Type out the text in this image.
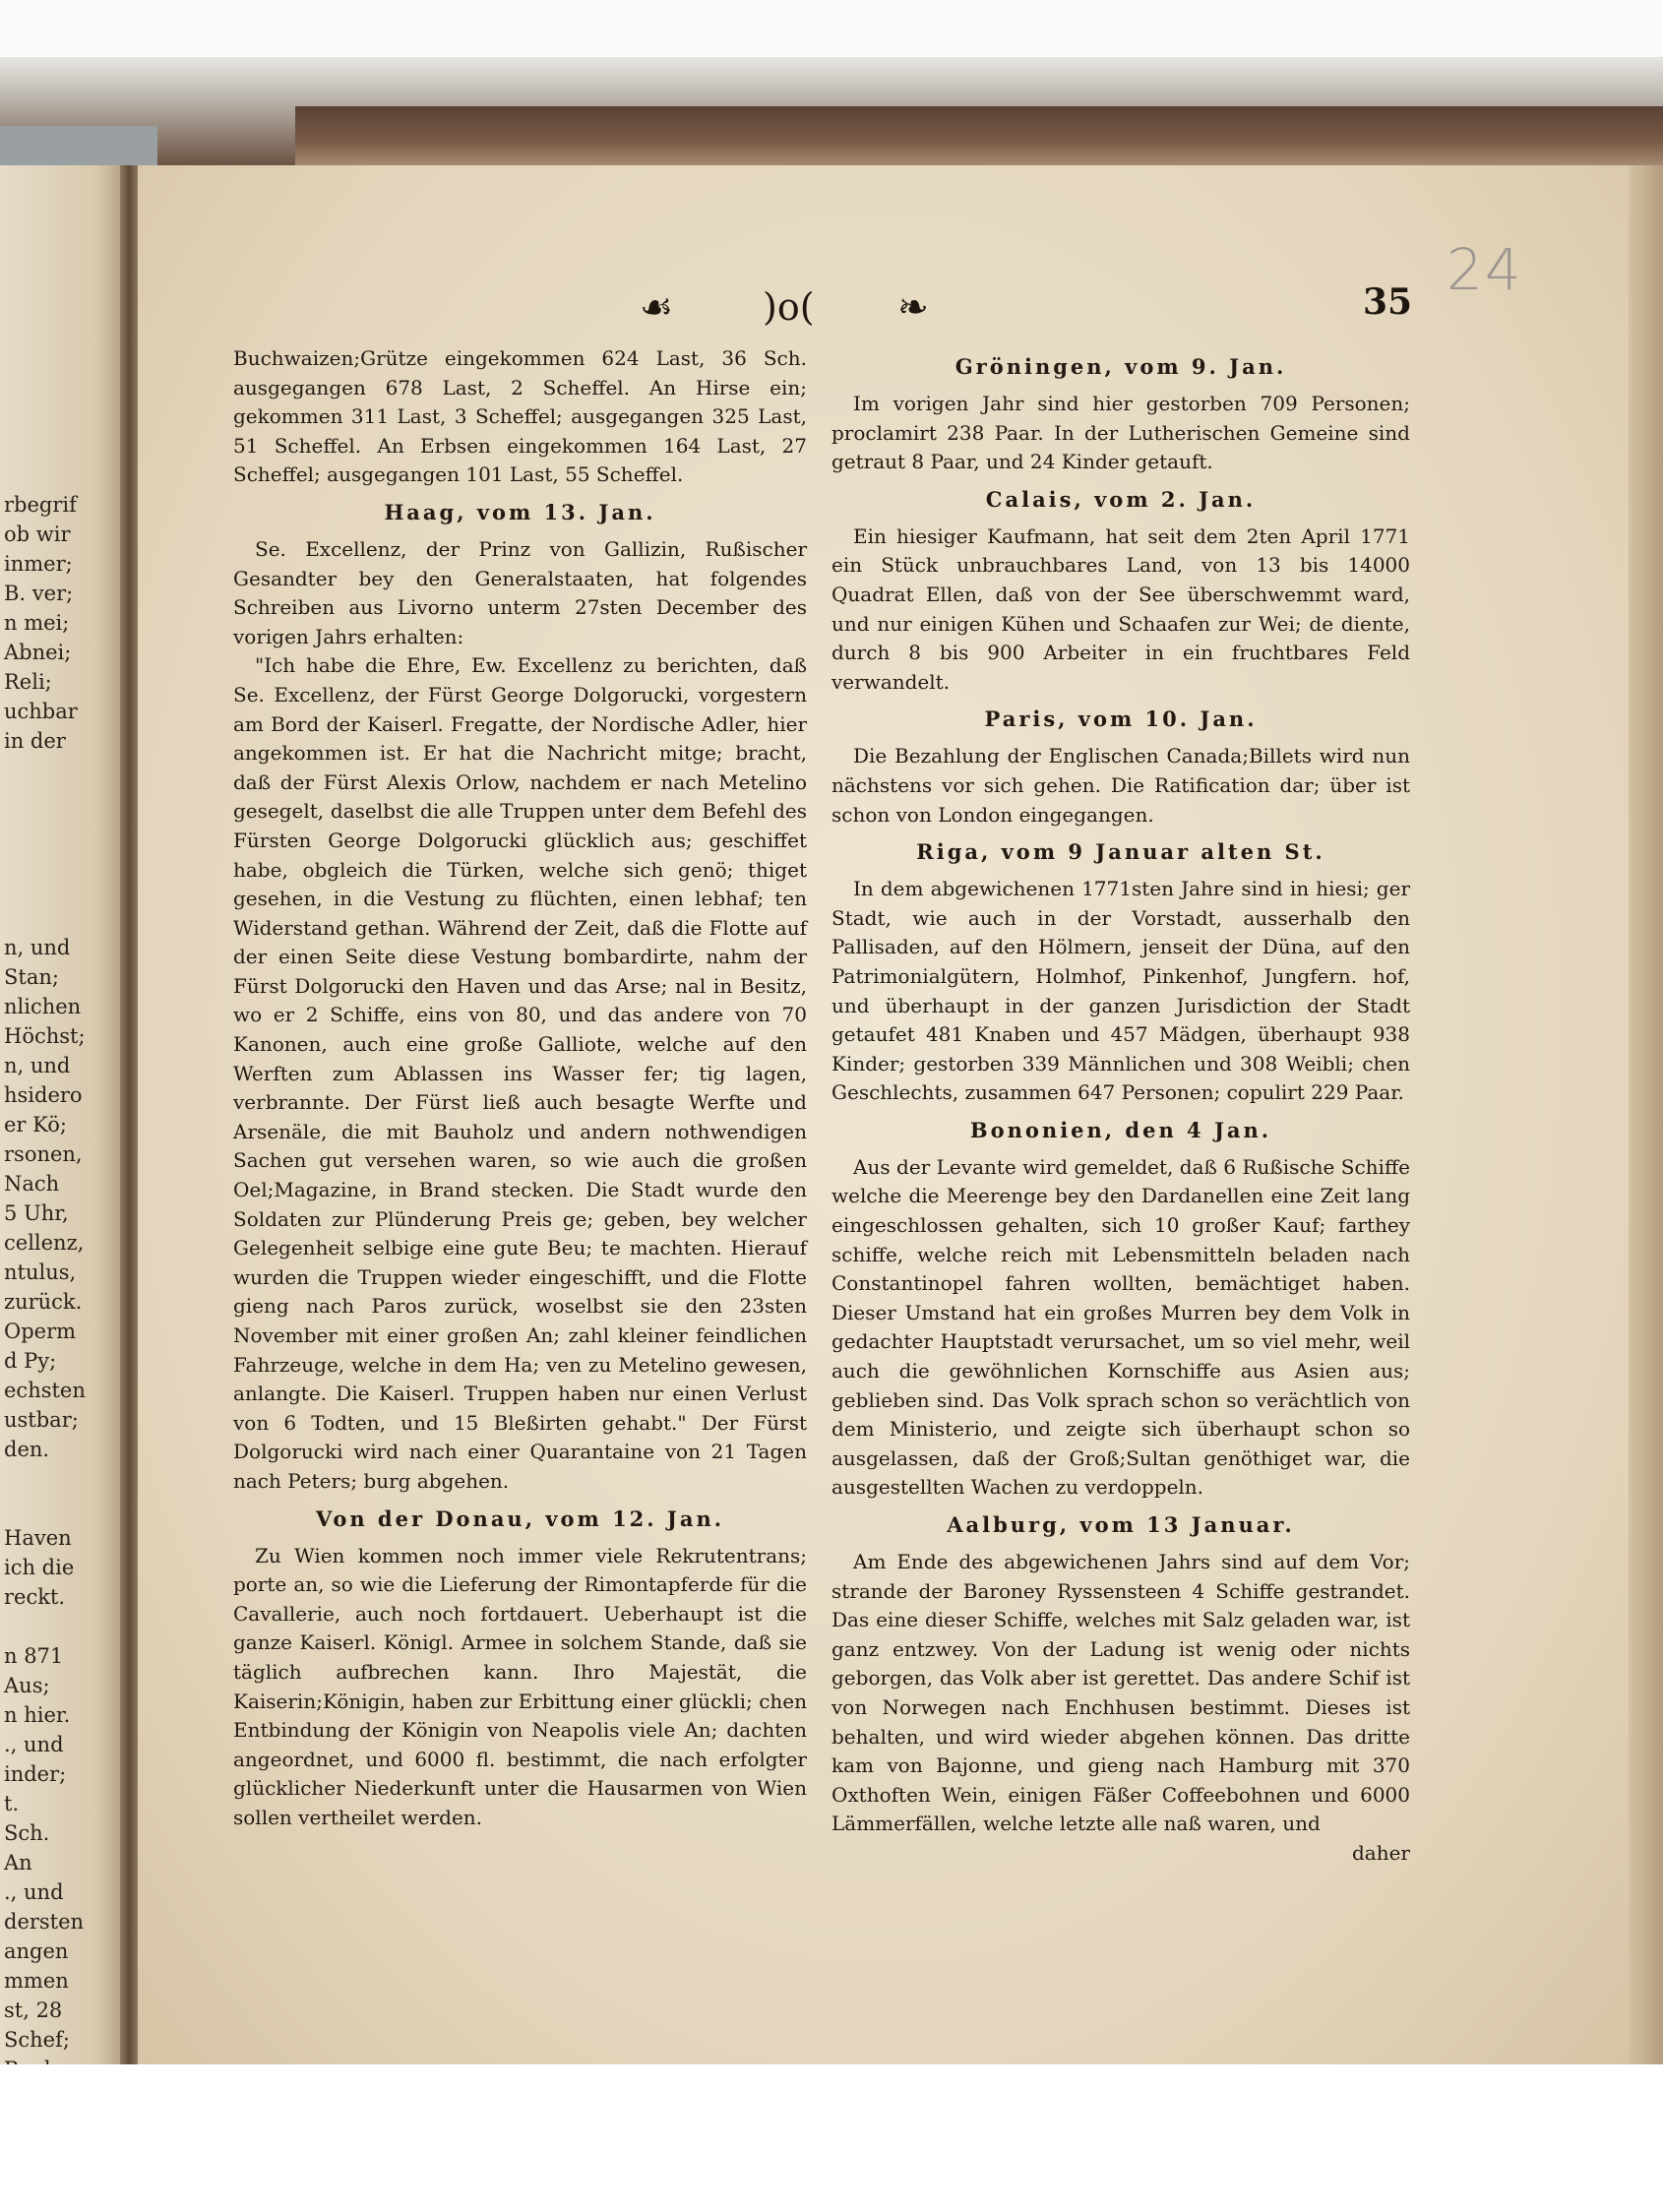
rbegrif
ob wir
inmer;
B. ver;
n mei;
Abnei;
Reli;
uchbar
in der
n, und
Stan;
nlichen
Höchst;
n, und
hsidero
er Kö;
rsonen,
Nach
5 Uhr,
cellenz,
ntulus,
zurück.
Operm
d Py;
echsten
ustbar;
den.
Haven
ich die
reckt.
n 871
Aus;
n hier.
., und
inder;
t.
Sch.
An
., und
dersten
angen
mmen
st, 28
Schef;
24
☙ )o( ❧	35

Buchwaizen;Grütze eingekommen 624 Last, 36 Sch. ausgegangen 678 Last, 2 Scheffel. An Hirse ein; gekommen 311 Last, 3 Scheffel; ausgegangen 325 Last, 51 Scheffel. An Erbsen eingekommen 164 Last, 27 Scheffel; ausgegangen 101 Last, 55 Scheffel.

Haag, vom 13. Jan.

Se. Excellenz, der Prinz von Gallizin, Rußischer Gesandter bey den Generalstaaten, hat folgendes Schreiben aus Livorno unterm 27sten December des vorigen Jahrs erhalten:

"Ich habe die Ehre, Ew. Excellenz zu berichten, daß Se. Excellenz, der Fürst George Dolgorucki, vorgestern am Bord der Kaiserl. Fregatte, der Nordische Adler, hier angekommen ist. Er hat die Nachricht mitge; bracht, daß der Fürst Alexis Orlow, nachdem er nach Metelino gesegelt, daselbst die alle Truppen unter dem Befehl des Fürsten George Dolgorucki glücklich aus; geschiffet habe, obgleich die Türken, welche sich genö; thiget gesehen, in die Vestung zu flüchten, einen lebhaf; ten Widerstand gethan. Während der Zeit, daß die Flotte auf der einen Seite diese Vestung bombardirte, nahm der Fürst Dolgorucki den Haven und das Arse; nal in Besitz, wo er 2 Schiffe, eins von 80, und das andere von 70 Kanonen, auch eine große Galliote, welche auf den Werften zum Ablassen ins Wasser fer; tig lagen, verbrannte. Der Fürst ließ auch besagte Werfte und Arsenäle, die mit Bauholz und andern nothwendigen Sachen gut versehen waren, so wie auch die großen Oel;Magazine, in Brand stecken. Die Stadt wurde den Soldaten zur Plünderung Preis ge; geben, bey welcher Gelegenheit selbige eine gute Beu; te machten. Hierauf wurden die Truppen wieder eingeschifft, und die Flotte gieng nach Paros zurück, woselbst sie den 23sten November mit einer großen An; zahl kleiner feindlichen Fahrzeuge, welche in dem Ha; ven zu Metelino gewesen, anlangte. Die Kaiserl. Truppen haben nur einen Verlust von 6 Todten, und 15 Bleßirten gehabt." Der Fürst Dolgorucki wird nach einer Quarantaine von 21 Tagen nach Peters; burg abgehen.

Von der Donau, vom 12. Jan.

Zu Wien kommen noch immer viele Rekrutentrans; porte an, so wie die Lieferung der Rimontapferde für die Cavallerie, auch noch fortdauert. Ueberhaupt ist die ganze Kaiserl. Königl. Armee in solchem Stande, daß sie täglich aufbrechen kann. Ihro Majestät, die Kaiserin;Königin, haben zur Erbittung einer glückli; chen Entbindung der Königin von Neapolis viele An; dachten angeordnet, und 6000 fl. bestimmt, die nach erfolgter glücklicher Niederkunft unter die Hausarmen von Wien sollen vertheilet werden.

Gröningen, vom 9. Jan.

Im vorigen Jahr sind hier gestorben 709 Personen; proclamirt 238 Paar. In der Lutherischen Gemeine sind getraut 8 Paar, und 24 Kinder getauft.

Calais, vom 2. Jan.

Ein hiesiger Kaufmann, hat seit dem 2ten April 1771 ein Stück unbrauchbares Land, von 13 bis 14000 Quadrat Ellen, daß von der See überschwemmt ward, und nur einigen Kühen und Schaafen zur Wei; de diente, durch 8 bis 900 Arbeiter in ein fruchtbares Feld verwandelt.

Paris, vom 10. Jan.

Die Bezahlung der Englischen Canada;Billets wird nun nächstens vor sich gehen. Die Ratification dar; über ist schon von London eingegangen.

Riga, vom 9 Januar alten St.

In dem abgewichenen 1771sten Jahre sind in hiesi; ger Stadt, wie auch in der Vorstadt, ausserhalb den Pallisaden, auf den Hölmern, jenseit der Düna, auf den Patrimonialgütern, Holmhof, Pinkenhof, Jungfern. hof, und überhaupt in der ganzen Jurisdiction der Stadt getaufet 481 Knaben und 457 Mädgen, überhaupt 938 Kinder; gestorben 339 Männlichen und 308 Weibli; chen Geschlechts, zusammen 647 Personen; copulirt 229 Paar.

Bononien, den 4 Jan.

Aus der Levante wird gemeldet, daß 6 Rußische Schiffe welche die Meerenge bey den Dardanellen eine Zeit lang eingeschlossen gehalten, sich 10 großer Kauf; farthey schiffe, welche reich mit Lebensmitteln beladen nach Constantinopel fahren wollten, bemächtiget haben. Dieser Umstand hat ein großes Murren bey dem Volk in gedachter Hauptstadt verursachet, um so viel mehr, weil auch die gewöhnlichen Kornschiffe aus Asien aus; geblieben sind. Das Volk sprach schon so verächtlich von dem Ministerio, und zeigte sich überhaupt schon so ausgelassen, daß der Groß;Sultan genöthiget war, die ausgestellten Wachen zu verdoppeln.

Aalburg, vom 13 Januar.

Am Ende des abgewichenen Jahrs sind auf dem Vor; strande der Baroney Ryssensteen 4 Schiffe gestrandet. Das eine dieser Schiffe, welches mit Salz geladen war, ist ganz entzwey. Von der Ladung ist wenig oder nichts geborgen, das Volk aber ist gerettet. Das andere Schif ist von Norwegen nach Enchhusen bestimmt. Dieses ist behalten, und wird wieder abgehen können. Das dritte kam von Bajonne, und gieng nach Hamburg mit 370 Oxthoften Wein, einigen Fäßer Coffeebohnen und 6000 Lämmerfällen, welche letzte alle naß waren, und

daher
